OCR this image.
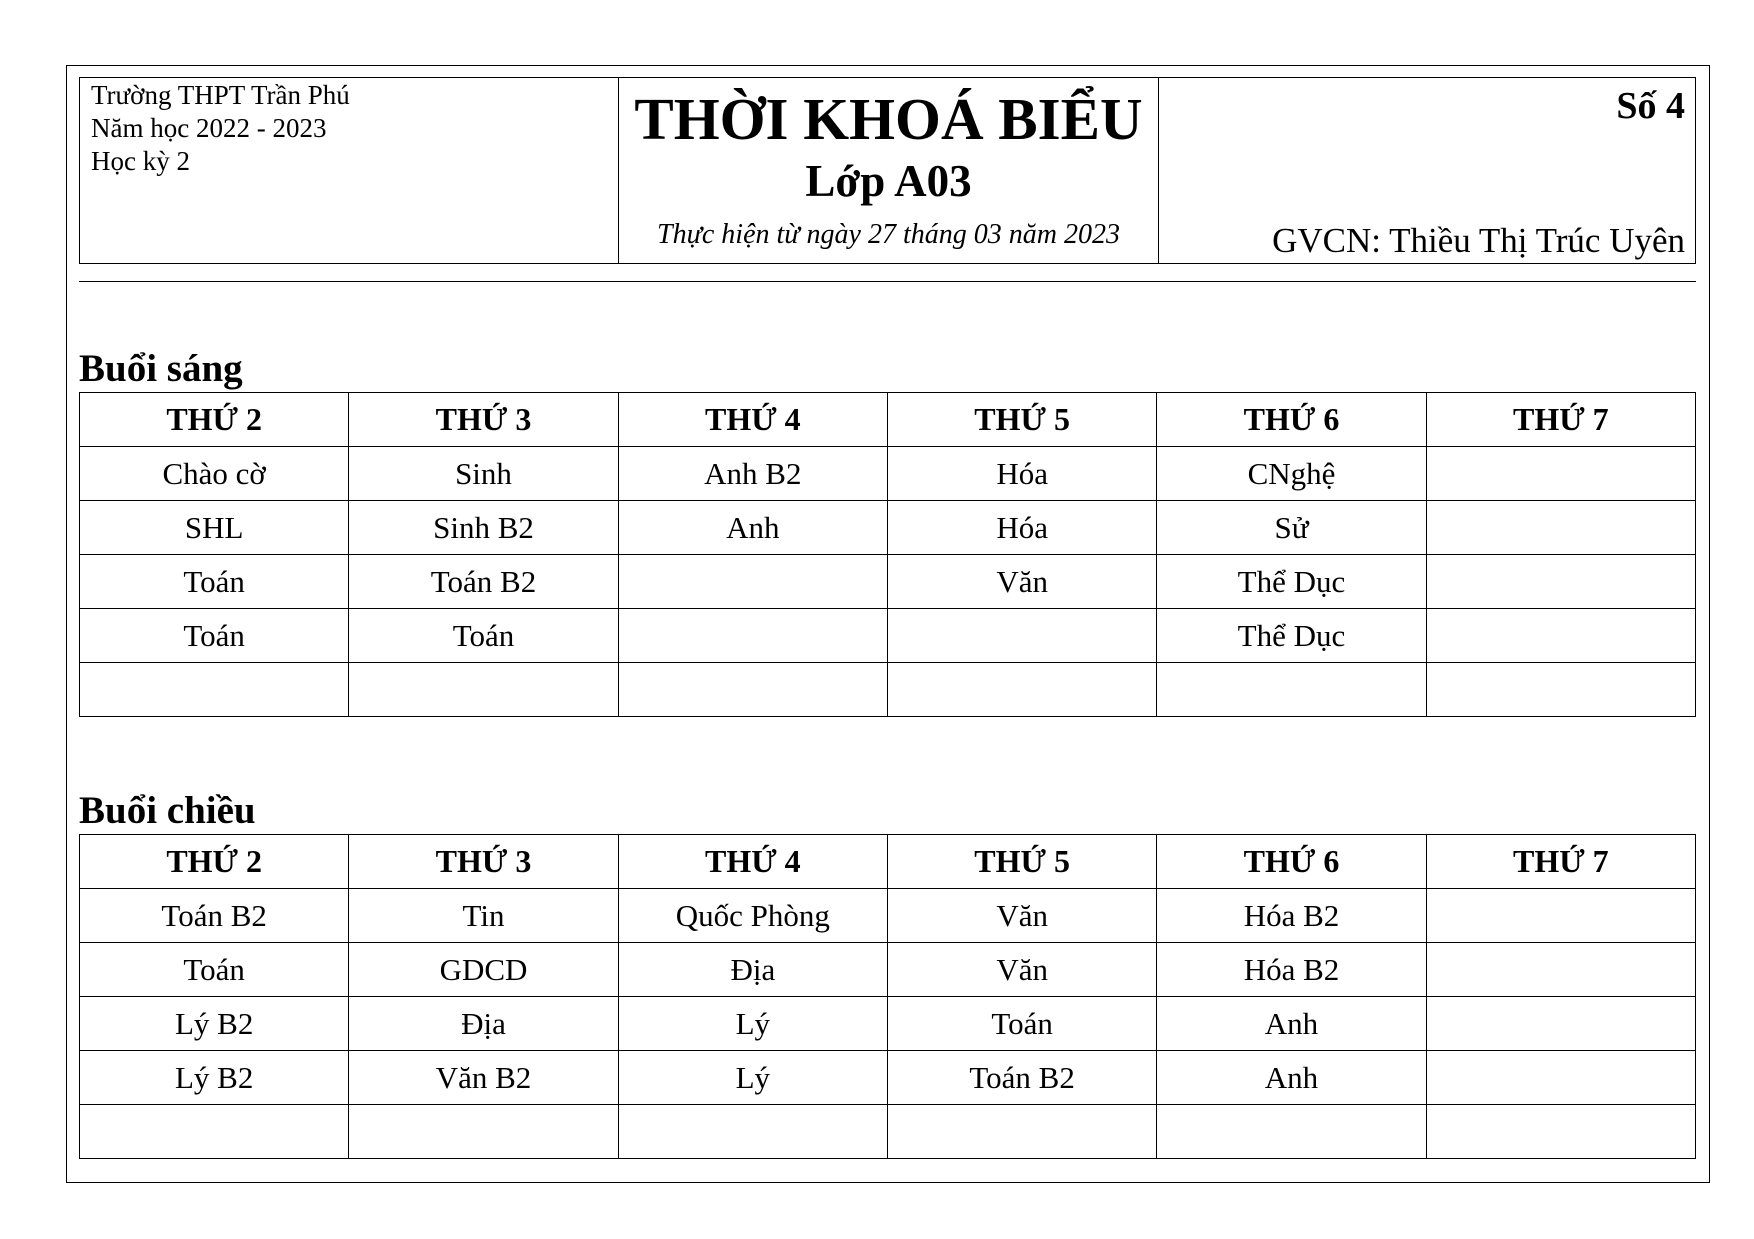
Trường THPT Trần Phú
Năm học 2022 - 2023
Học kỳ 2
THỜI KHOÁ BIỂU
Lớp A03
Thực hiện từ ngày 27 tháng 03 năm 2023
Số 4
GVCN: Thiều Thị Trúc Uyên
Buổi sáng
THỨ 2	THỨ 3	THỨ 4	THỨ 5	THỨ 6	THỨ 7
Chào cờ	Sinh	Anh B2	Hóa	CNghệ	
SHL	Sinh B2	Anh	Hóa	Sử	
Toán	Toán B2		Văn	Thể Dục	
Toán	Toán			Thể Dục	

Buổi chiều
THỨ 2	THỨ 3	THỨ 4	THỨ 5	THỨ 6	THỨ 7
Toán B2	Tin	Quốc Phòng	Văn	Hóa B2	
Toán	GDCD	Địa	Văn	Hóa B2	
Lý B2	Địa	Lý	Toán	Anh	
Lý B2	Văn B2	Lý	Toán B2	Anh	
